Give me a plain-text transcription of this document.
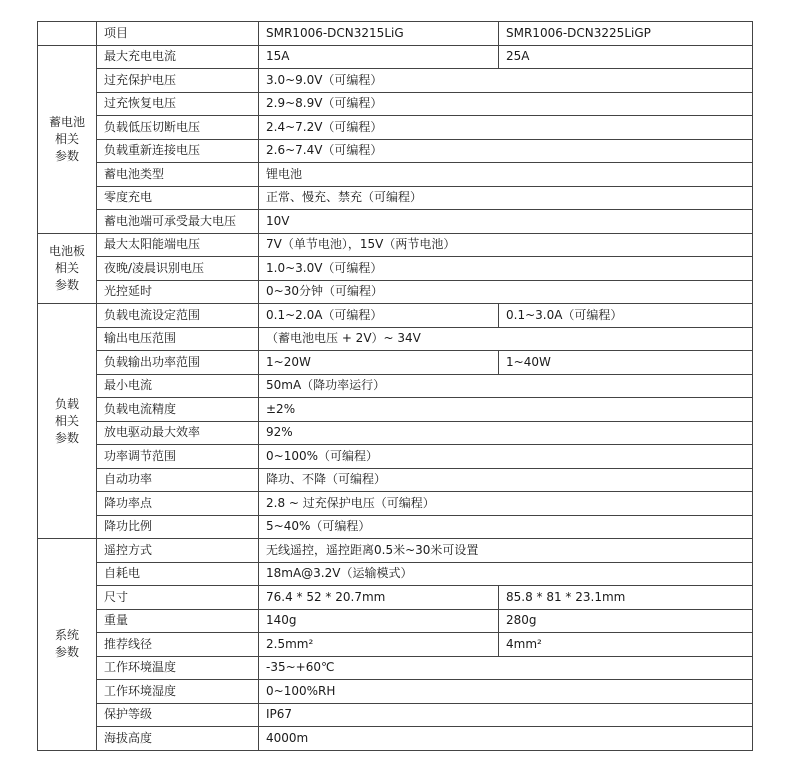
	项目	SMR1006-DCN3215LiG	SMR1006-DCN3225LiGP
蓄电池
相关
参数	最大充电电流	15A	25A
	过充保护电压	3.0~9.0V（可编程）	
	过充恢复电压	2.9~8.9V（可编程）	
	负载低压切断电压	2.4~7.2V（可编程）	
	负载重新连接电压	2.6~7.4V（可编程）	
	蓄电池类型	锂电池	
	零度充电	正常、慢充、禁充（可编程）	
	蓄电池端可承受最大电压	10V	
电池板
相关
参数	最大太阳能端电压	7V（单节电池），15V（两节电池）	
	夜晚/凌晨识别电压	1.0~3.0V（可编程）	
	光控延时	0~30分钟（可编程）	
负载
相关
参数	负载电流设定范围	0.1~2.0A（可编程）	0.1~3.0A（可编程）
	输出电压范围	（蓄电池电压 + 2V）~ 34V	
	负载输出功率范围	1~20W	1~40W
	最小电流	50mA（降功率运行）	
	负载电流精度	±2%	
	放电驱动最大效率	92%	
	功率调节范围	0~100%（可编程）	
	自动功率	降功、不降（可编程）	
	降功率点	2.8 ~ 过充保护电压（可编程）	
	降功比例	5~40%（可编程）	
系统
参数	遥控方式	无线遥控，遥控距离0.5米~30米可设置	
	自耗电	18mA@3.2V（运输模式）	
	尺寸	76.4 * 52 * 20.7mm	85.8 * 81 * 23.1mm
	重量	140g	280g
	推荐线径	2.5mm²	4mm²
	工作环境温度	-35~+60℃	
	工作环境湿度	0~100%RH	
	保护等级	IP67	
	海拔高度	4000m	
